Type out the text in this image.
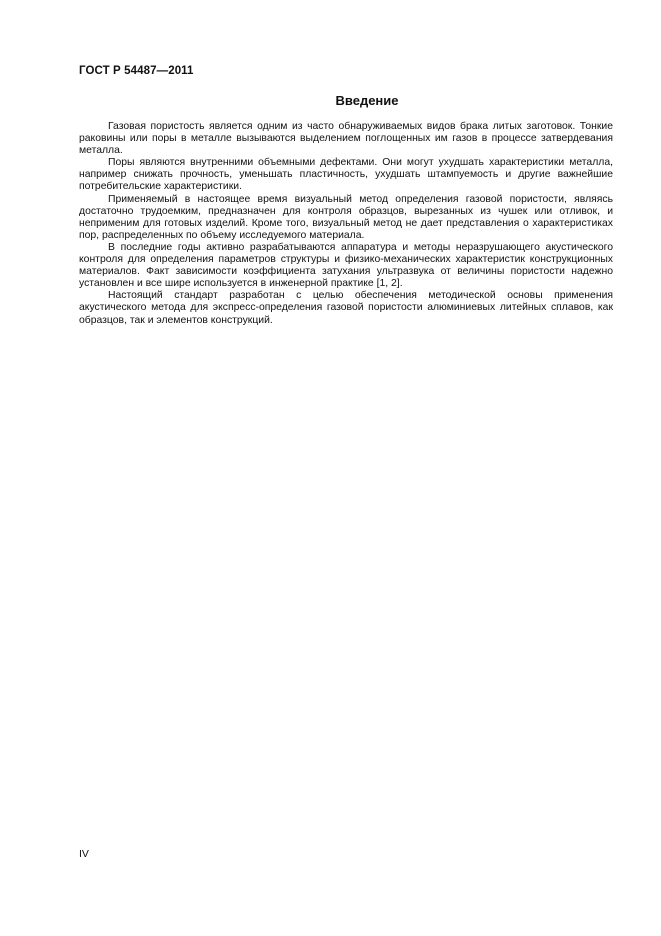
ГОСТ Р 54487—2011
Введение

Газовая пористость является одним из часто обнаруживаемых видов брака литых заготовок. Тонкие раковины или поры в металле вызываются выделением поглощенных им газов в процессе затвердевания металла.

Поры являются внутренними объемными дефектами. Они могут ухудшать характеристики металла, например снижать прочность, уменьшать пластичность, ухудшать штампуемость и другие важнейшие потребительские характеристики.

Применяемый в настоящее время визуальный метод определения газовой пористости, являясь достаточно трудоемким, предназначен для контроля образцов, вырезанных из чушек или отливок, и неприменим для готовых изделий. Кроме того, визуальный метод не дает представления о характеристиках пор, распределенных по объему исследуемого материала.

В последние годы активно разрабатываются аппаратура и методы неразрушающего акустического контроля для определения параметров структуры и физико-механических характеристик конструкционных материалов. Факт зависимости коэффициента затухания ультразвука от величины пористости надежно установлен и все шире используется в инженерной практике [1, 2].

Настоящий стандарт разработан с целью обеспечения методической основы применения акустического метода для экспресс-определения газовой пористости алюминиевых литейных сплавов, как образцов, так и элементов конструкций.

IV
